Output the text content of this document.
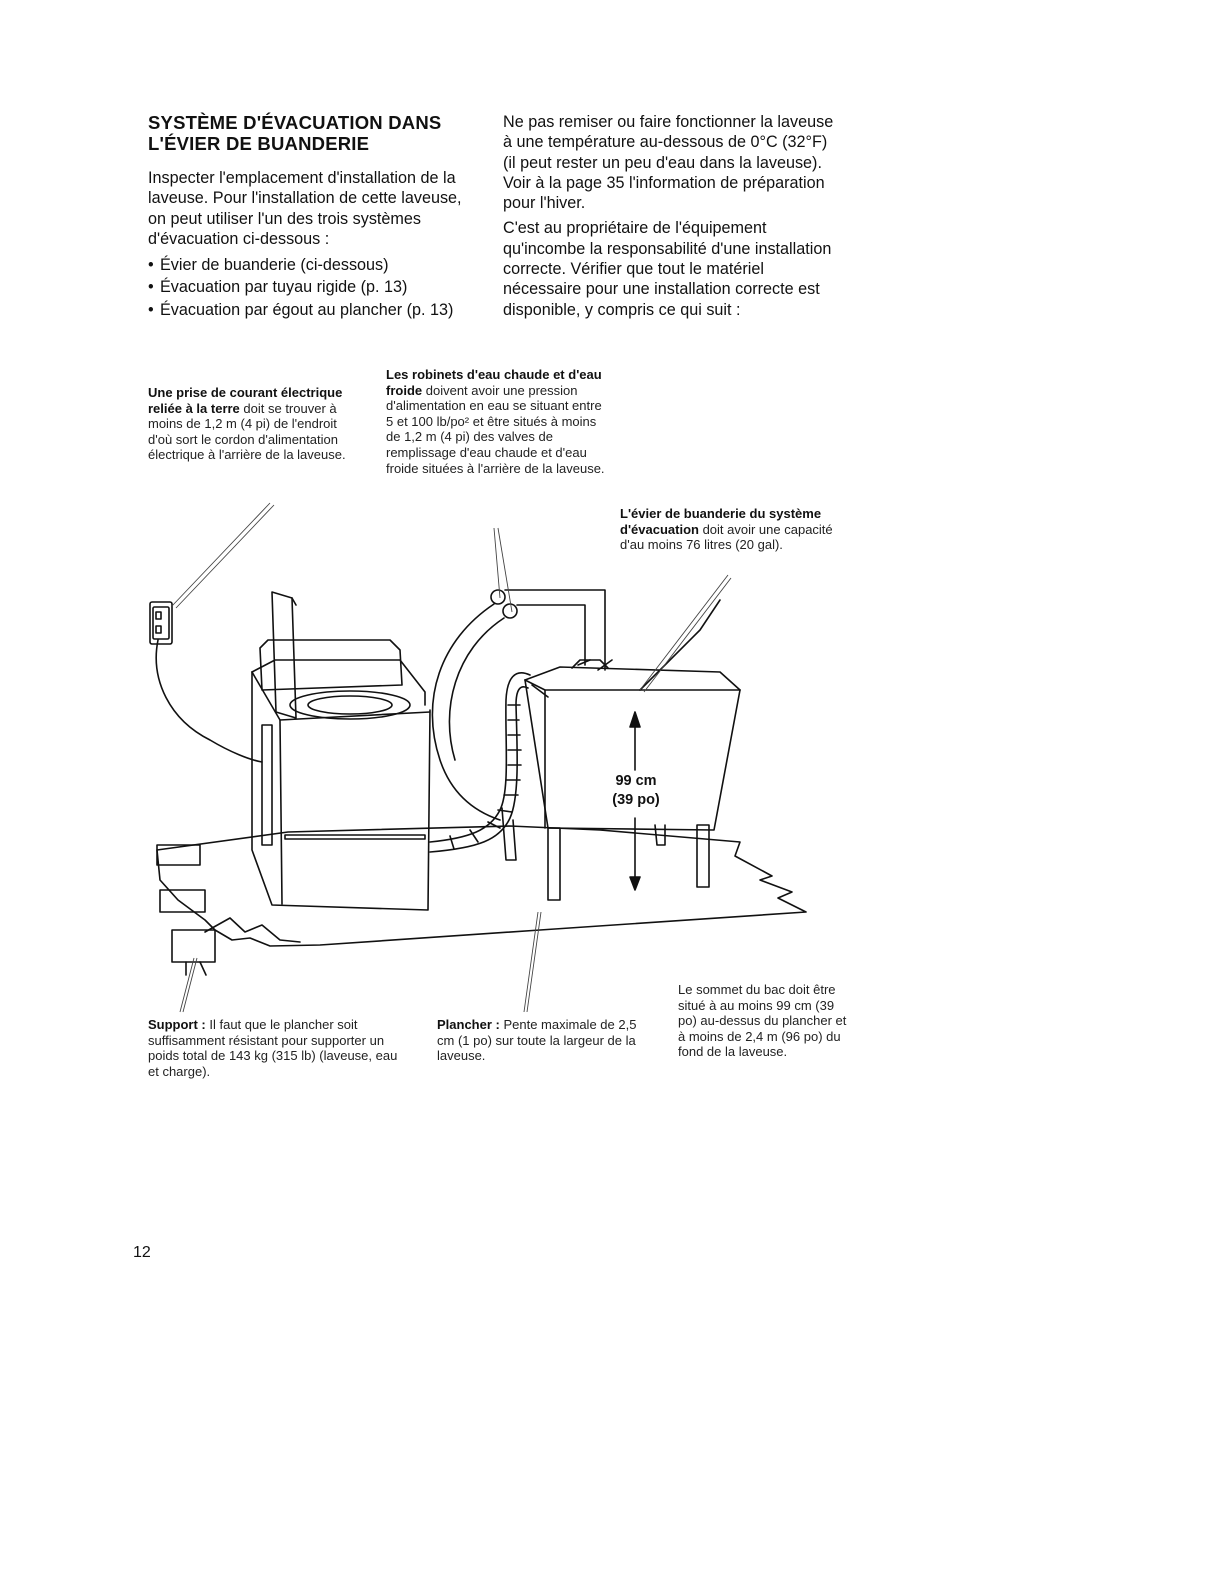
SYSTÈME D'ÉVACUATION DANS
L'ÉVIER DE BUANDERIE

Inspecter l'emplacement d'installation de la laveuse. Pour l'installation de cette laveuse, on peut utiliser l'un des trois systèmes d'évacuation ci-dessous :

• Évier de buanderie (ci-dessous)
• Évacuation par tuyau rigide (p. 13)
• Évacuation par égout au plancher (p. 13)

Ne pas remiser ou faire fonctionner la laveuse à une température au-dessous de 0°C (32°F) (il peut rester un peu d'eau dans la laveuse). Voir à la page 35 l'information de préparation pour l'hiver.

C'est au propriétaire de l'équipement qu'incombe la responsabilité d'une installation correcte. Vérifier que tout le matériel nécessaire pour une installation correcte est disponible, y compris ce qui suit :

Une prise de courant électrique reliée à la terre doit se trouver à moins de 1,2 m (4 pi) de l'endroit d'où sort le cordon d'alimentation électrique à l'arrière de la laveuse.
Les robinets d'eau chaude et d'eau froide doivent avoir une pression d'alimentation en eau se situant entre 5 et 100 lb/po² et être situés à moins de 1,2 m (4 pi) des valves de remplissage d'eau chaude et d'eau froide situées à l'arrière de la laveuse.
L'évier de buanderie du système d'évacuation doit avoir une capacité d'au moins 76 litres (20 gal).
Support : Il faut que le plancher soit suffisamment résistant pour supporter un poids total de 143 kg (315 lb) (laveuse, eau et charge).
Plancher : Pente maximale de 2,5 cm (1 po) sur toute la largeur de la laveuse.
Le sommet du bac doit être situé à au moins 99 cm (39 po) au-dessus du plancher et à moins de 2,4 m (96 po) du fond de la laveuse.
99 cm
(39 po)
12
